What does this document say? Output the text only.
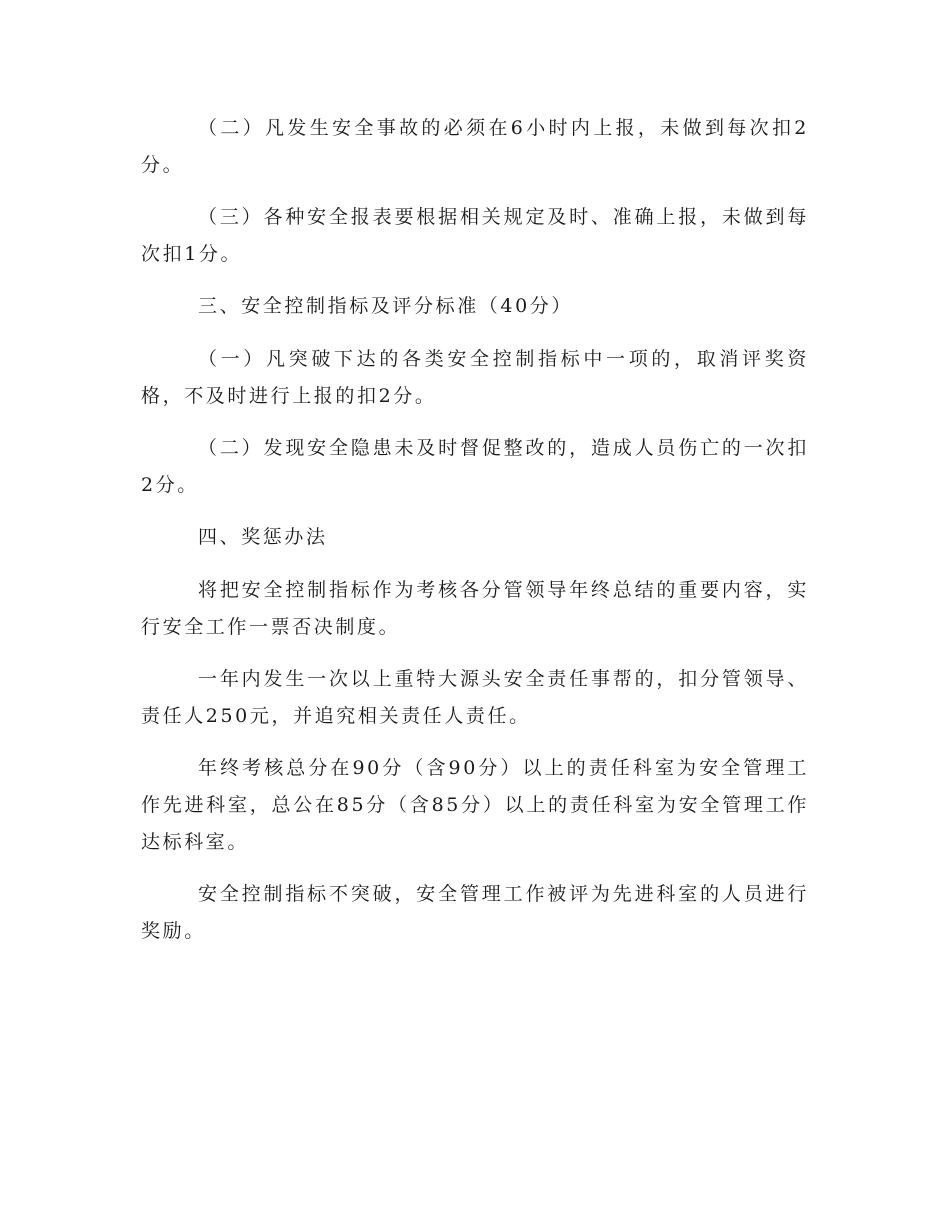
（二）凡发生安全事故的必须在6小时内上报，未做到每次扣2分。

（三）各种安全报表要根据相关规定及时、准确上报，未做到每次扣1分。

三、安全控制指标及评分标准（40分）

（一）凡突破下达的各类安全控制指标中一项的，取消评奖资格，不及时进行上报的扣2分。

（二）发现安全隐患未及时督促整改的，造成人员伤亡的一次扣2分。

四、奖惩办法

将把安全控制指标作为考核各分管领导年终总结的重要内容，实行安全工作一票否决制度。

一年内发生一次以上重特大源头安全责任事帮的，扣分管领导、责任人250元，并追究相关责任人责任。

年终考核总分在90分（含90分）以上的责任科室为安全管理工作先进科室，总公在85分（含85分）以上的责任科室为安全管理工作达标科室。

安全控制指标不突破，安全管理工作被评为先进科室的人员进行奖励。
